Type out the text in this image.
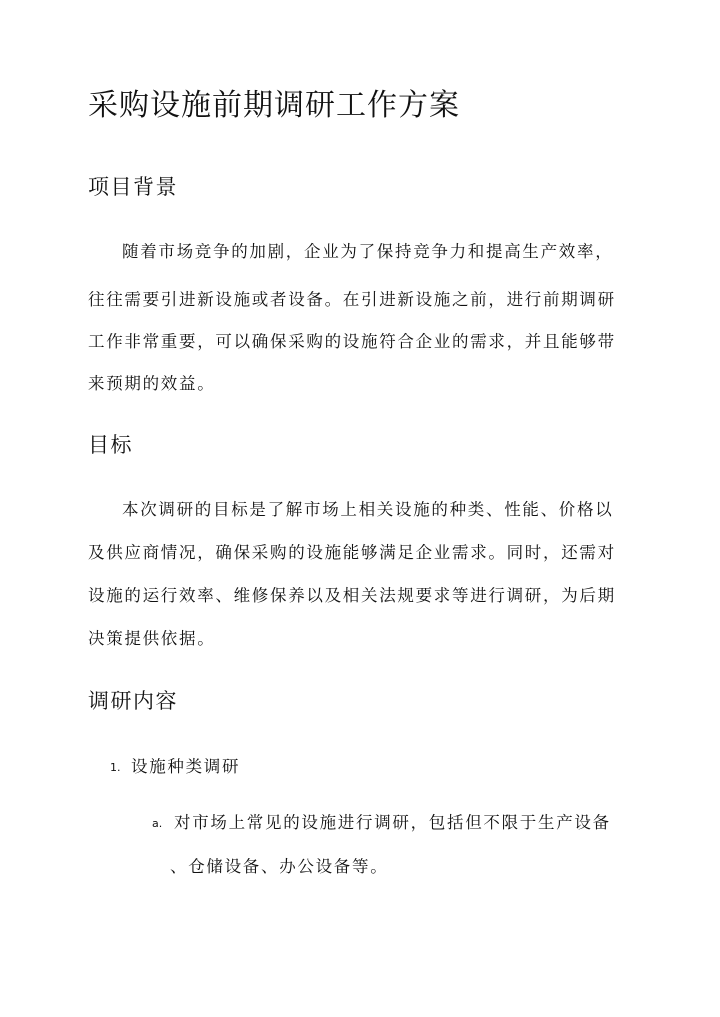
采购设施前期调研工作方案
项目背景

随着市场竞争的加剧，企业为了保持竞争力和提高生产效率，

往往需要引进新设施或者设备。在引进新设施之前，进行前期调研

工作非常重要，可以确保采购的设施符合企业的需求，并且能够带

来预期的效益。

目标

本次调研的目标是了解市场上相关设施的种类、性能、价格以

及供应商情况，确保采购的设施能够满足企业需求。同时，还需对

设施的运行效率、维修保养以及相关法规要求等进行调研，为后期

决策提供依据。

调研内容
1. 设施种类调研
a. 对市场上常见的设施进行调研，包括但不限于生产设备
、仓储设备、办公设备等。
